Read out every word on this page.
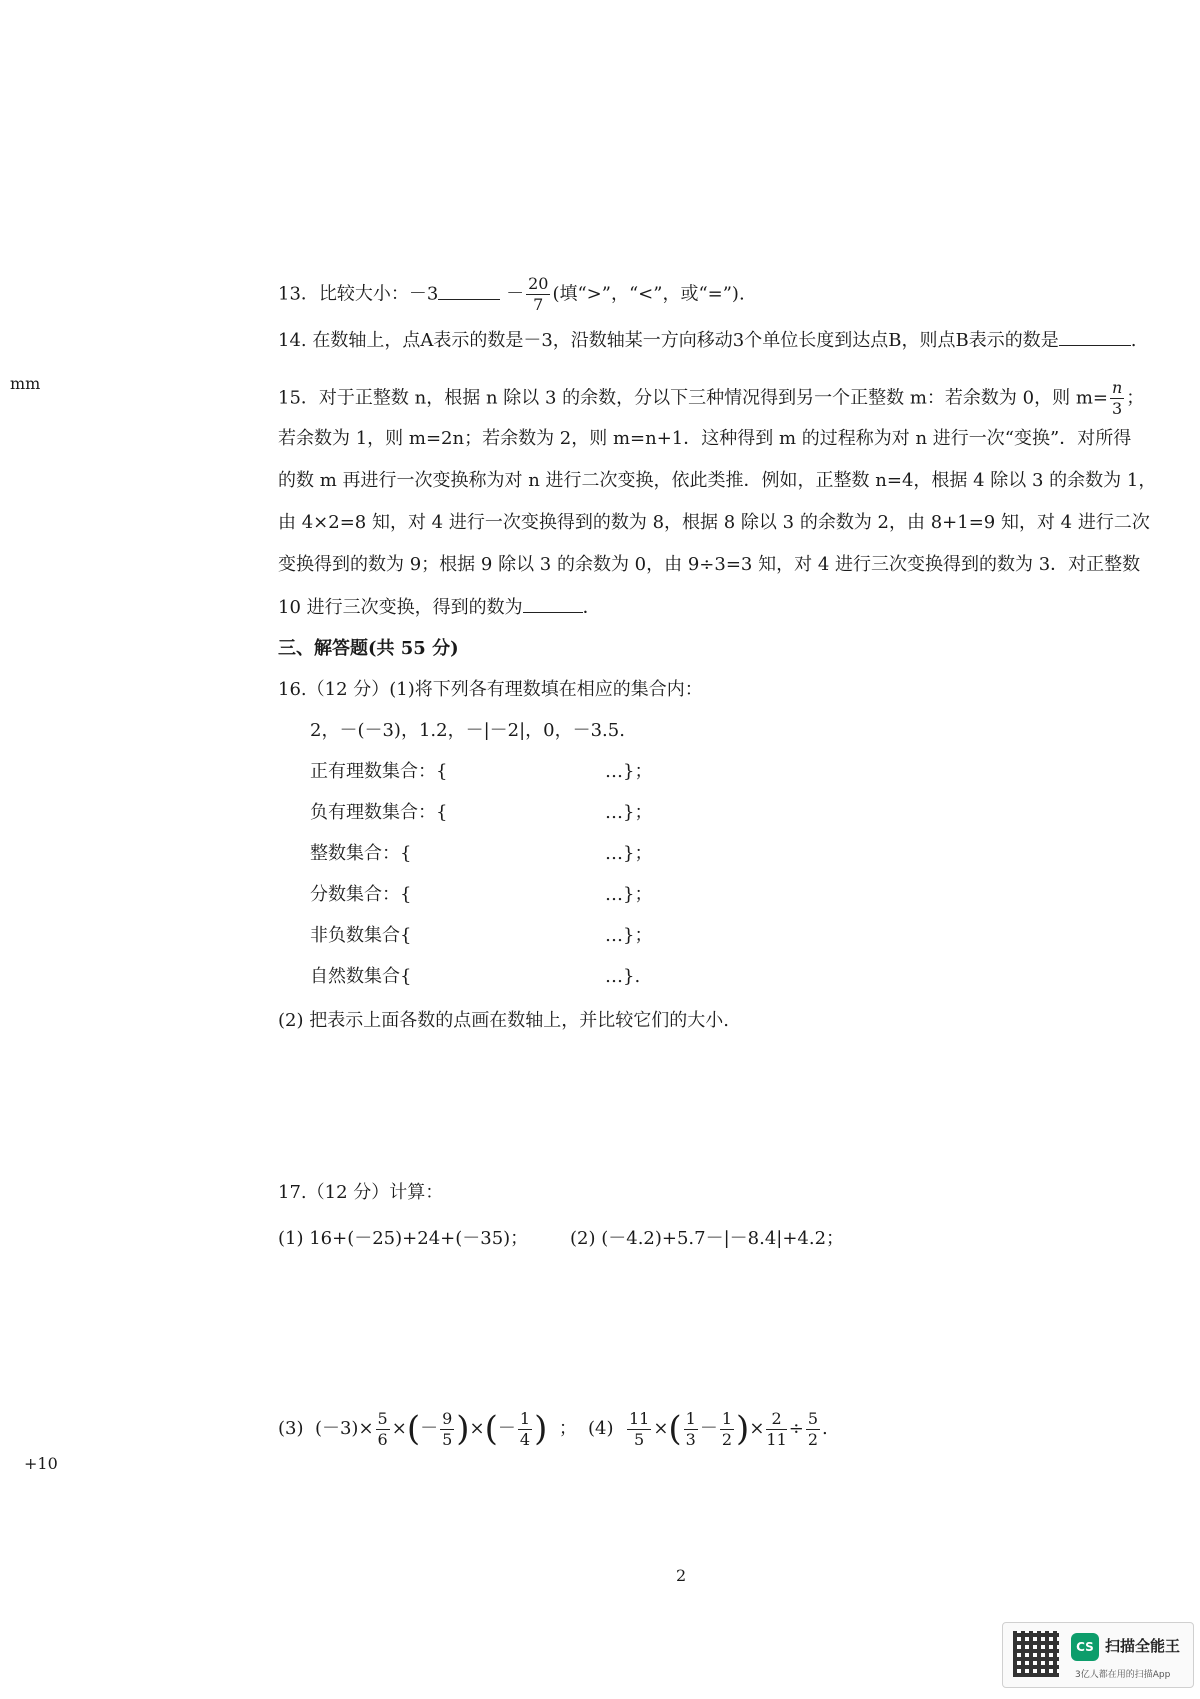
mm
+10
13．比较大小：－3	－ $\frac{20}{7}$ (填“>”，“<”，或“=”).
14. 在数轴上，点A表示的数是－3，沿数轴某一方向移动3个单位长度到达点B，则点B表示的数是	.
15．对于正整数 n，根据 n 除以 3 的余数，分以下三种情况得到另一个正整数 m：若余数为 0，则 $m= \frac{n}{3}$ ；
若余数为 1，则 m=2n；若余数为 2，则 m=n+1．这种得到 m 的过程称为对 n 进行一次“变换”．对所得
的数 m 再进行一次变换称为对 n 进行二次变换，依此类推．例如，正整数 n=4，根据 4 除以 3 的余数为 1，
由 4×2=8 知，对 4 进行一次变换得到的数为 8，根据 8 除以 3 的余数为 2，由 8+1=9 知，对 4 进行二次
变换得到的数为 9；根据 9 除以 3 的余数为 0，由 9÷3=3 知，对 4 进行三次变换得到的数为 3．对正整数
10 进行三次变换，得到的数为	．
三、解答题(共 55 分)
16.（12 分）(1)将下列各有理数填在相应的集合内：
2，－(－3)，1.2，－|－2|，0，－3.5.
正有理数集合：{	…}；
负有理数集合：{	…}；
整数集合：{	…}；
分数集合：{	…}；
非负数集合{	…}；
自然数集合{	…}.
(2) 把表示上面各数的点画在数轴上，并比较它们的大小.
17.（12 分）计算：
(1) 16+(－25)+24+(－35)； (2) (－4.2)+5.7－|－8.4|+4.2；
(3) $(-3)\times \frac{5}{6}$ ×(－ $\frac{9}{5}$ )×(－ $\frac{1}{4}$ ) ； $(4) \frac{11}{5}$ ×( $\frac{1}{3} - \frac{1}{2}$ )× $\frac{2}{11} \div \frac{5}{2}$ .
2
CS 扫描全能王
3亿人都在用的扫描App
